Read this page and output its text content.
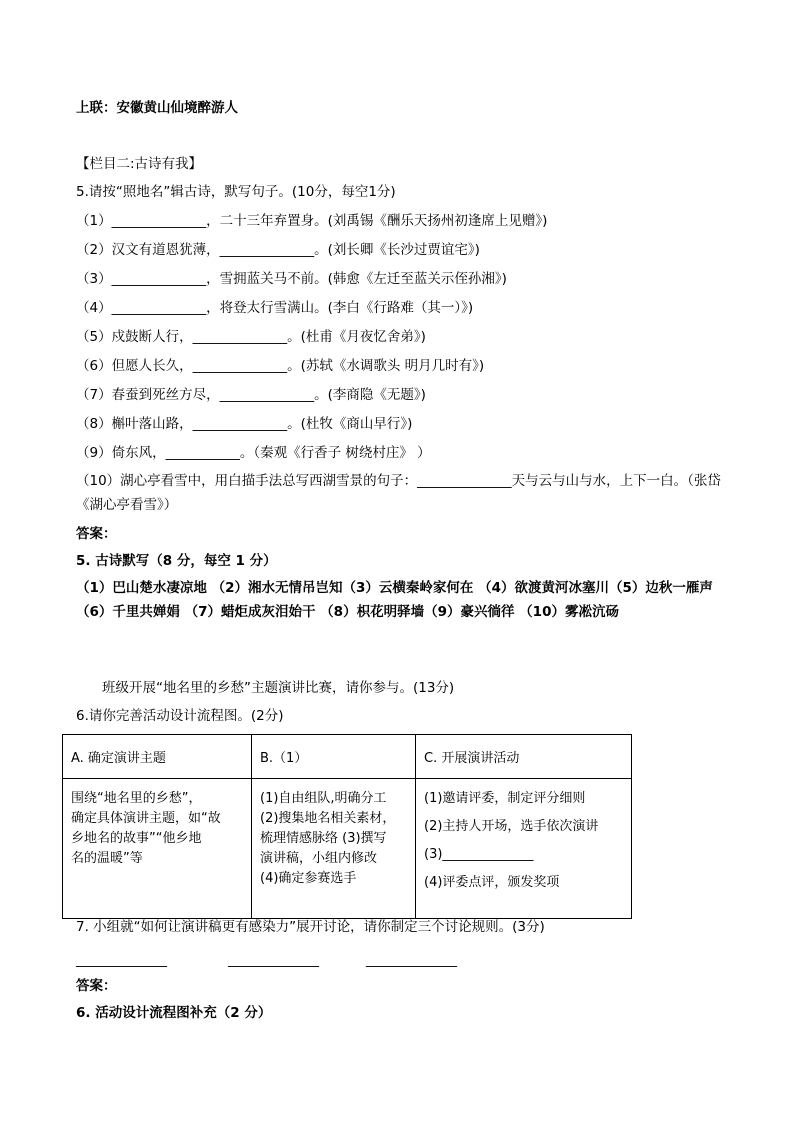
上联：安徽黄山仙境醉游人
【栏目二:古诗有我】
5.请按“照地名”辑古诗，默写句子。(10分，每空1分)
（1）______________，二十三年弃置身。(刘禹锡《酬乐天扬州初逢席上见赠》)
（2）汉文有道恩犹薄，______________。(刘长卿《长沙过贾谊宅》)
（3）______________，雪拥蓝关马不前。(韩愈《左迁至蓝关示侄孙湘》)
（4）______________，将登太行雪满山。(李白《行路难（其一）》)
（5）戍鼓断人行，______________。(杜甫《月夜忆舍弟》)
（6）但愿人长久，______________。(苏轼《水调歌头 明月几时有》)
（7）春蚕到死丝方尽，______________。(李商隐《无题》)
（8）槲叶落山路，______________。(杜牧《商山早行》)
（9）倚东风，___________。（秦观《行香子 树绕村庄》 ）
（10）湖心亭看雪中，用白描手法总写西湖雪景的句子：______________天与云与山与水，上下一白。（张岱《湖心亭看雪》）
答案：
5. 古诗默写（8 分，每空 1 分）
（1）巴山楚水凄凉地 （2）湘水无情吊岂知（3）云横秦岭家何在 （4）欲渡黄河冰塞川（5）边秋一雁声 （6）千里共婵娟 （7）蜡炬成灰泪始干 （8）枳花明驿墙（9）豪兴徜徉 （10）雾凇沆砀
班级开展“地名里的乡愁”主题演讲比赛，请你参与。(13分)
6.请你完善活动设计流程图。(2分)
A. 确定演讲主题	B.（1）	C. 开展演讲活动

围绕“地名里的乡愁”，
确定具体演讲主题，如“故
乡地名的故事”“他乡地
名的温暖”等	(1)自由组队,明确分工
(2)搜集地名相关素材，
梳理情感脉络 (3)撰写
演讲稿，小组内修改
(4)确定参赛选手	(1)邀请评委，制定评分细则
(2)主持人开场，选手依次演讲
(3)______________
(4)评委点评，颁发奖项
7. 小组就“如何让演讲稿更有感染力”展开讨论，请你制定三个讨论规则。(3分)
______________	______________	______________
答案：
6. 活动设计流程图补充（2 分）
